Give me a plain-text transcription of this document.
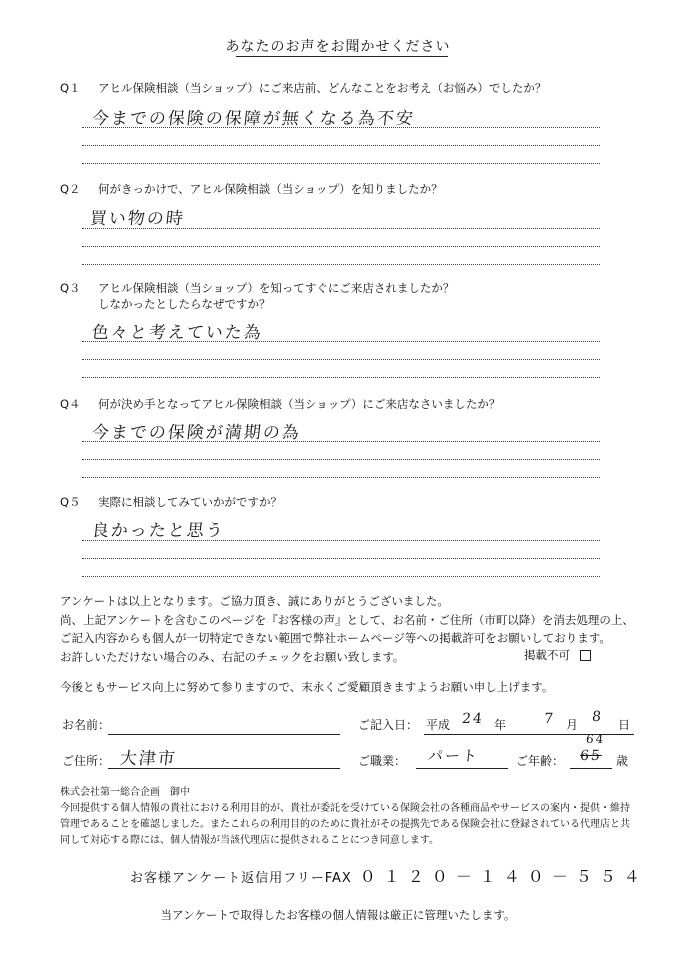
あなたのお声をお聞かせください
Q１ アヒル保険相談（当ショップ）にご来店前、どんなことをお考え（お悩み）でしたか？
今までの保険の保障が無くなる為不安
Q２ 何がきっかけで、アヒル保険相談（当ショップ）を知りましたか？
買い物の時
Q３ アヒル保険相談（当ショップ）を知ってすぐにご来店されましたか？
しなかったとしたらなぜですか？
色々と考えていた為
Q４ 何が決め手となってアヒル保険相談（当ショップ）にご来店なさいましたか？
今までの保険が満期の為
Q５ 実際に相談してみていかがですか？
良かったと思う
アンケートは以上となります。ご協力頂き、誠にありがとうございました。
尚、上記アンケートを含むこのページを『お客様の声』として、お名前・ご住所（市町以降）を消去処理の上、
ご記入内容からも個人が一切特定できない範囲で弊社ホームページ等への掲載許可をお願いしております。
お許しいただけない場合のみ、右記のチェックをお願い致します。	掲載不可
今後ともサービス向上に努めて参りますので、末永くご愛顧頂きますようお願い申し上げます。
お名前：	ご記入日： 平成 24 年	7 月 8 日
ご住所： 大津市	ご職業： パート	ご年齢：
64
65 歳
株式会社第一総合企画　御中
今回提供する個人情報の貴社における利用目的が、貴社が委託を受けている保険会社の各種商品やサービスの案内・提供・維持
管理であることを確認しました。またこれらの利用目的のために貴社がその提携先である保険会社に登録されている代理店と共
同して対応する際には、個人情報が当該代理店に提供されることにつき同意します。
お客様アンケート返信用フリーFAX ０１２０－１４０－５５４
当アンケートで取得したお客様の個人情報は厳正に管理いたします。
